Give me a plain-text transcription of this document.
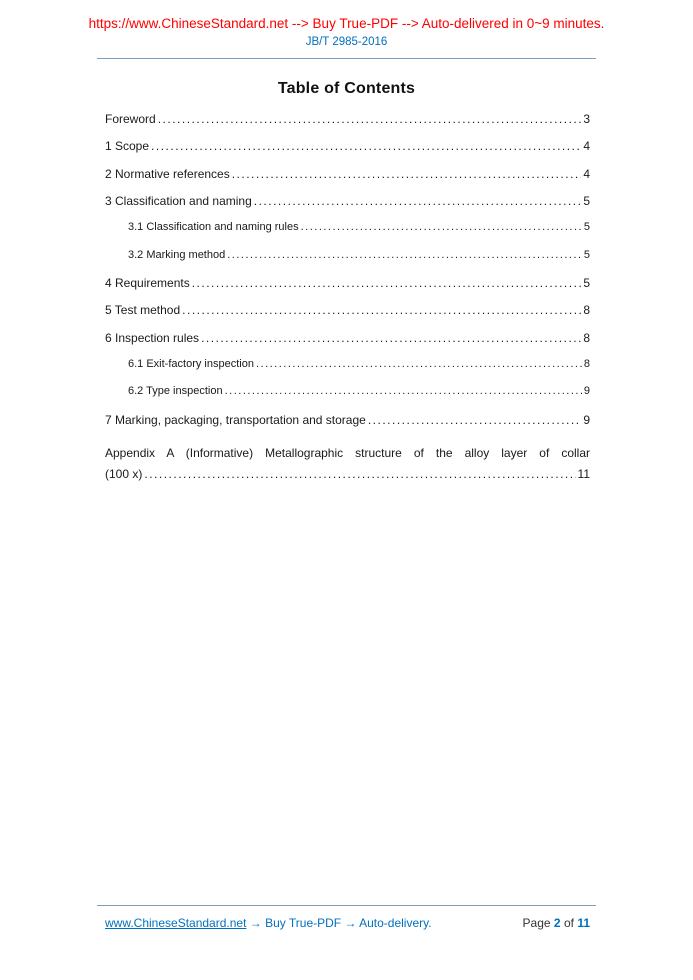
https://www.ChineseStandard.net --> Buy True-PDF --> Auto-delivered in 0~9 minutes.
JB/T 2985-2016
Table of Contents
Foreword .....	3
1 Scope .....	4
2 Normative references .....	4
3 Classification and naming .....	5
3.1 Classification and naming rules .....	5
3.2 Marking method .....	5
4 Requirements .....	5
5 Test method .....	8
6 Inspection rules .....	8
6.1 Exit-factory inspection .....	8
6.2 Type inspection .....	9
7 Marking, packaging, transportation and storage .....	9
Appendix A (Informative) Metallographic structure of the alloy layer of collar
(100 x) .....	11
www.ChineseStandard.net → Buy True-PDF → Auto-delivery.	Page 2 of 11
